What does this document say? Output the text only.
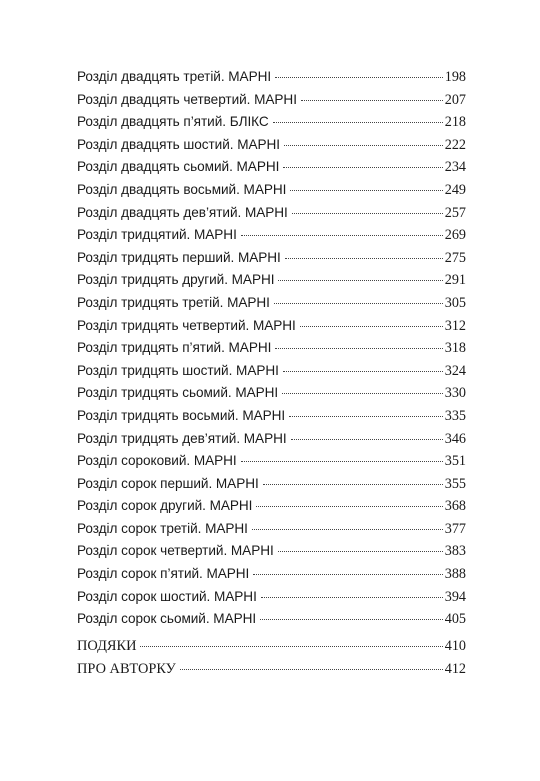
Розділ двадцять третій. МАРНІ	198
Розділ двадцять четвертий. МАРНІ	207
Розділ двадцять п’ятий. БЛІКС	218
Розділ двадцять шостий. МАРНІ	222
Розділ двадцять сьомий. МАРНІ	234
Розділ двадцять восьмий. МАРНІ	249
Розділ двадцять дев’ятий. МАРНІ	257
Розділ тридцятий. МАРНІ	269
Розділ тридцять перший. МАРНІ	275
Розділ тридцять другий. МАРНІ	291
Розділ тридцять третій. МАРНІ	305
Розділ тридцять четвертий. МАРНІ	312
Розділ тридцять п’ятий. МАРНІ	318
Розділ тридцять шостий. МАРНІ	324
Розділ тридцять сьомий. МАРНІ	330
Розділ тридцять восьмий. МАРНІ	335
Розділ тридцять дев’ятий. МАРНІ	346
Розділ сороковий. МАРНІ	351
Розділ сорок перший. МАРНІ	355
Розділ сорок другий. МАРНІ	368
Розділ сорок третій. МАРНІ	377
Розділ сорок четвертий. МАРНІ	383
Розділ сорок п’ятий. МАРНІ	388
Розділ сорок шостий. МАРНІ	394
Розділ сорок сьомий. МАРНІ	405
ПОДЯКИ	410
ПРО АВТОРКУ	412
